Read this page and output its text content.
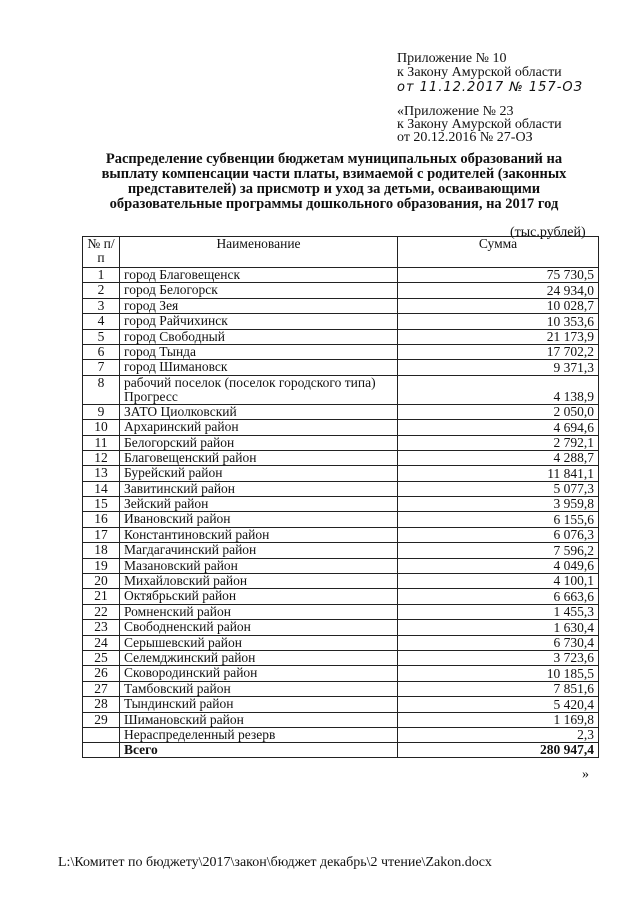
Приложение № 10
к Закону Амурской области
от 11.12.2017 № 157-ОЗ
«Приложение № 23
к Закону Амурской области
от 20.12.2016 № 27-ОЗ
Распределение субвенции бюджетам муниципальных образований на выплату компенсации части платы, взимаемой с родителей (законных представителей) за присмотр и уход за детьми, осваивающими образовательные программы дошкольного образования, на 2017 год
(тыс.рублей)
№ п/п	Наименование	Сумма
1	город Благовещенск	75 730,5
2	город Белогорск	24 934,0
3	город Зея	10 028,7
4	город Райчихинск	10 353,6
5	город Свободный	21 173,9
6	город Тында	17 702,2
7	город Шимановск	9 371,3
8	рабочий поселок (поселок городского типа) Прогресс	4 138,9
9	ЗАТО Циолковский	2 050,0
10	Архаринский район	4 694,6
11	Белогорский район	2 792,1
12	Благовещенский район	4 288,7
13	Бурейский район	11 841,1
14	Завитинский район	5 077,3
15	Зейский район	3 959,8
16	Ивановский район	6 155,6
17	Константиновский район	6 076,3
18	Магдагачинский район	7 596,2
19	Мазановский район	4 049,6
20	Михайловский район	4 100,1
21	Октябрьский район	6 663,6
22	Ромненский район	1 455,3
23	Свободненский район	1 630,4
24	Серышевский район	6 730,4
25	Селемджинский район	3 723,6
26	Сковородинский район	10 185,5
27	Тамбовский район	7 851,6
28	Тындинский район	5 420,4
29	Шимановский район	1 169,8
	Нераспределенный резерв	2,3
	Всего	280 947,4
»
L:\Комитет по бюджету\2017\закон\бюджет декабрь\2 чтение\Zakon.docx
